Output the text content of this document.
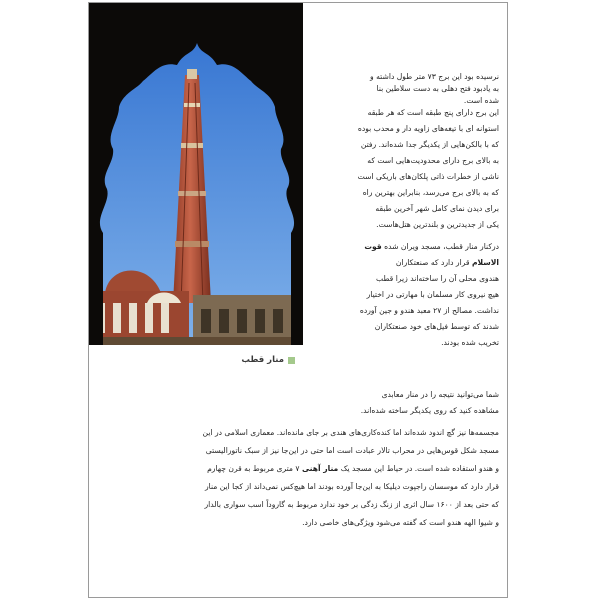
منار قطب
نرسیده بود این برج ۷۳ متر طول داشته و
به یادبود فتح دهلی به دست سلاطین بنا
شده است.
این برج دارای پنج طبقه است که هر طبقه
استوانه ای با تیغه‌های زاویه دار و محدب بوده
که با بالکن‌هایی از یکدیگر جدا شده‌اند. رفتن
به بالای برج دارای محدودیت‌هایی است که
ناشی از خطرات ذاتی پلکان‌های باریکی است
که به بالای برج می‌رسد، بنابراین بهترین راه
برای دیدن نمای کامل شهر آخرین طبقه
یکی از جدیدترین و بلندترین هتل‌هاست.
درکنار منار قطب، مسجد ویران شده قوت
الاسلام قرار دارد که صنعتکاران
هندوی محلی آن را ساخته‌اند زیرا قطب
هیچ نیروی کار مسلمان با مهارتی در اختیار
نداشت. مصالح از ۲۷ معبد هندو و جین آورده
شدند که توسط فیل‌های خود صنعتکاران
تخریب شده بودند.
شما می‌توانید نتیجه را در منار معابدی
مشاهده کنید که روی یکدیگر ساخته شده‌اند.
مجسمه‌ها نیز گچ اندود شده‌اند اما کنده‌کاری‌های هندی بر جای مانده‌اند. معماری اسلامی در این
مسجد شکل قوس‌هایی در محراب تالار عبادت است اما حتی در این‌جا نیز از سبک ناتورالیستی
و هندو استفاده شده است. در حیاط این مسجد یک منار آهنی ۷ متری مربوط به قرن چهارم
قرار دارد که موسسان راجپوت دیلیکا به این‌جا آورده بودند اما هیچ‌کس نمی‌داند از کجا این منار
که حتی بعد از ۱۶۰۰ سال اثری از زنگ زدگی بر خود ندارد مربوط به گاروداً اسب سواری بالدار
و شیوا الهه هندو است که گفته می‌شود ویژگی‌های خاصی دارد.
